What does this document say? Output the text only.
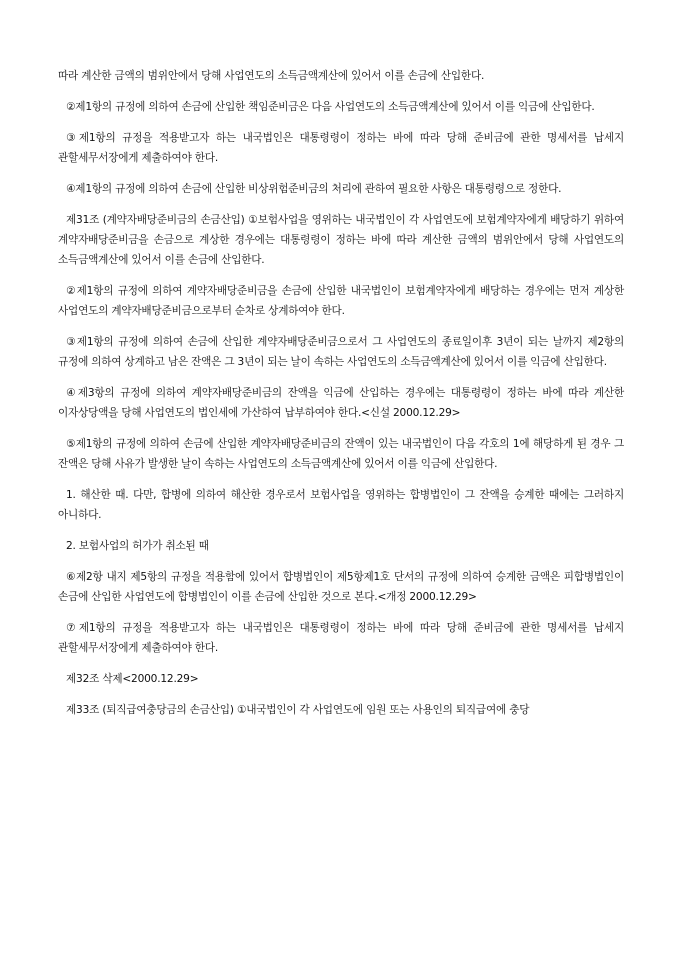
따라 계산한 금액의 범위안에서 당해 사업연도의 소득금액계산에 있어서 이를 손금에 산입한다.

②제1항의 규정에 의하여 손금에 산입한 책임준비금은 다음 사업연도의 소득금액계산에 있어서 이를 익금에 산입한다.

③제1항의 규정을 적용받고자 하는 내국법인은 대통령령이 정하는 바에 따라 당해 준비금에 관한 명세서를 납세지 관할세무서장에게 제출하여야 한다.

④제1항의 규정에 의하여 손금에 산입한 비상위험준비금의 처리에 관하여 필요한 사항은 대통령령으로 정한다.

제31조 (계약자배당준비금의 손금산입) ①보험사업을 영위하는 내국법인이 각 사업연도에 보험계약자에게 배당하기 위하여 계약자배당준비금을 손금으로 계상한 경우에는 대통령령이 정하는 바에 따라 계산한 금액의 범위안에서 당해 사업연도의 소득금액계산에 있어서 이를 손금에 산입한다.

②제1항의 규정에 의하여 계약자배당준비금을 손금에 산입한 내국법인이 보험계약자에게 배당하는 경우에는 먼저 계상한 사업연도의 계약자배당준비금으로부터 순차로 상계하여야 한다.

③제1항의 규정에 의하여 손금에 산입한 계약자배당준비금으로서 그 사업연도의 종료일이후 3년이 되는 날까지 제2항의 규정에 의하여 상계하고 남은 잔액은 그 3년이 되는 날이 속하는 사업연도의 소득금액계산에 있어서 이를 익금에 산입한다.

④제3항의 규정에 의하여 계약자배당준비금의 잔액을 익금에 산입하는 경우에는 대통령령이 정하는 바에 따라 계산한 이자상당액을 당해 사업연도의 법인세에 가산하여 납부하여야 한다.<신설 2000.12.29>

⑤제1항의 규정에 의하여 손금에 산입한 계약자배당준비금의 잔액이 있는 내국법인이 다음 각호의 1에 해당하게 된 경우 그 잔액은 당해 사유가 발생한 날이 속하는 사업연도의 소득금액계산에 있어서 이를 익금에 산입한다.

1. 해산한 때. 다만, 합병에 의하여 해산한 경우로서 보험사업을 영위하는 합병법인이 그 잔액을 승계한 때에는 그러하지 아니하다.

2. 보험사업의 허가가 취소된 때

⑥제2항 내지 제5항의 규정을 적용함에 있어서 합병법인이 제5항제1호 단서의 규정에 의하여 승계한 금액은 피합병법인이 손금에 산입한 사업연도에 합병법인이 이를 손금에 산입한 것으로 본다.<개정 2000.12.29>

⑦제1항의 규정을 적용받고자 하는 내국법인은 대통령령이 정하는 바에 따라 당해 준비금에 관한 명세서를 납세지 관할세무서장에게 제출하여야 한다.

제32조 삭제<2000.12.29>

제33조 (퇴직급여충당금의 손금산입) ①내국법인이 각 사업연도에 임원 또는 사용인의 퇴직급여에 충당
